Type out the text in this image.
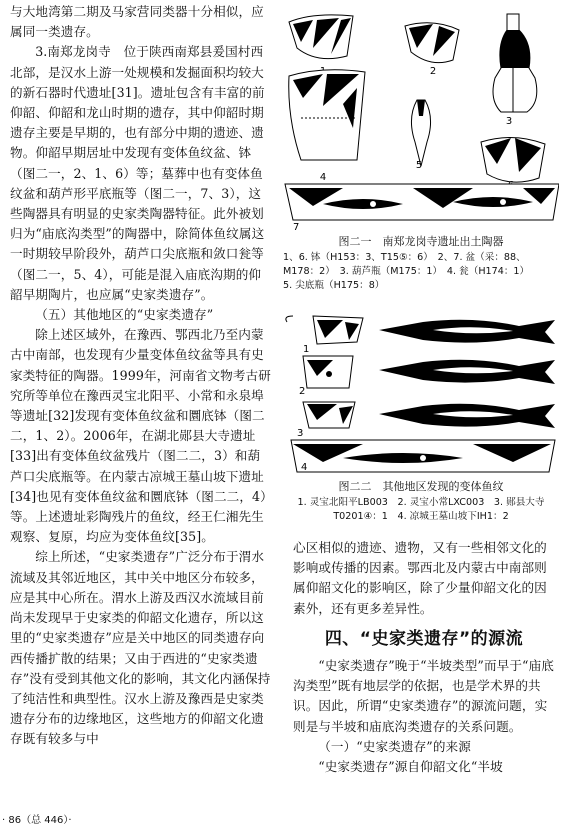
与大地湾第二期及马家营同类器十分相似，应属同一类遗存。

3.南郑龙岗寺　位于陕西南郑县爰国村西北部，是汉水上游一处规模和发掘面积均较大的新石器时代遗址[31]。遗址包含有丰富的前仰韶、仰韶和龙山时期的遗存，其中仰韶时期遗存主要是早期的，也有部分中期的遗迹、遗物。仰韶早期居址中发现有变体鱼纹盆、钵（图二一，2、1、6）等；墓葬中也有变体鱼纹盆和葫芦形平底瓶等（图二一，7、3），这些陶器具有明显的史家类陶器特征。此外被划归为“庙底沟类型”的陶器中，除简体鱼纹属这一时期较早阶段外，葫芦口尖底瓶和敛口瓮等（图二一，5、4），可能是混入庙底沟期的仰韶早期陶片，也应属“史家类遗存”。

（五）其他地区的“史家类遗存”

除上述区域外，在豫西、鄂西北乃至内蒙古中南部，也发现有少量变体鱼纹盆等具有史家类特征的陶器。1999年，河南省文物考古研究所等单位在豫西灵宝北阳平、小常和永泉埠等遗址[32]发现有变体鱼纹盆和圜底钵（图二二，1、2）。2006年，在湖北郧县大寺遗址[33]出有变体鱼纹盆残片（图二二，3）和葫芦口尖底瓶等。在内蒙古凉城王墓山坡下遗址[34]也见有变体鱼纹盆和圜底钵（图二二，4）等。上述遗址彩陶残片的鱼纹，经王仁湘先生观察、复原，均应为变体鱼纹[35]。

综上所述，“史家类遗存”广泛分布于渭水流域及其邻近地区，其中关中地区分布较多，应是其中心所在。渭水上游及西汉水流域目前尚未发现早于史家类的仰韶文化遗存，所以这里的“史家类遗存”应是关中地区的同类遗存向西传播扩散的结果；又由于西进的“史家类遗存”没有受到其他文化的影响，其文化内涵保持了纯洁性和典型性。汉水上游及豫西是史家类遗存分布的边缘地区，这些地方的仰韶文化遗存既有较多与中

2
3
4
5
7
图二一　南郑龙岗寺遗址出土陶器
1、6. 钵（H153：3、T15⑤：6）　2、7. 盆（采：88、
M178：2）　3. 葫芦瓶（M175：1）　4. 瓮（H174：1）
5. 尖底瓶（H175：8）
1
2
3
4
图二二　其他地区发现的变体鱼纹
1. 灵宝北阳平LB003　2. 灵宝小常LXC003　3. 郧县大寺
T0201④：1　4. 凉城王墓山坡下ⅠH1：2

心区相似的遗迹、遗物，又有一些相邻文化的影响或传播的因素。鄂西北及内蒙古中南部则属仰韶文化的影响区，除了少量仰韶文化的因素外，还有更多差异性。

四、“史家类遗存”的源流

“史家类遗存”晚于“半坡类型”而早于“庙底沟类型”既有地层学的依据，也是学术界的共识。因此，所谓“史家类遗存”的源流问题，实则是与半坡和庙底沟类遗存的关系问题。

（一）“史家类遗存”的来源

“史家类遗存”源自仰韶文化“半坡

· 86（总 446）·
